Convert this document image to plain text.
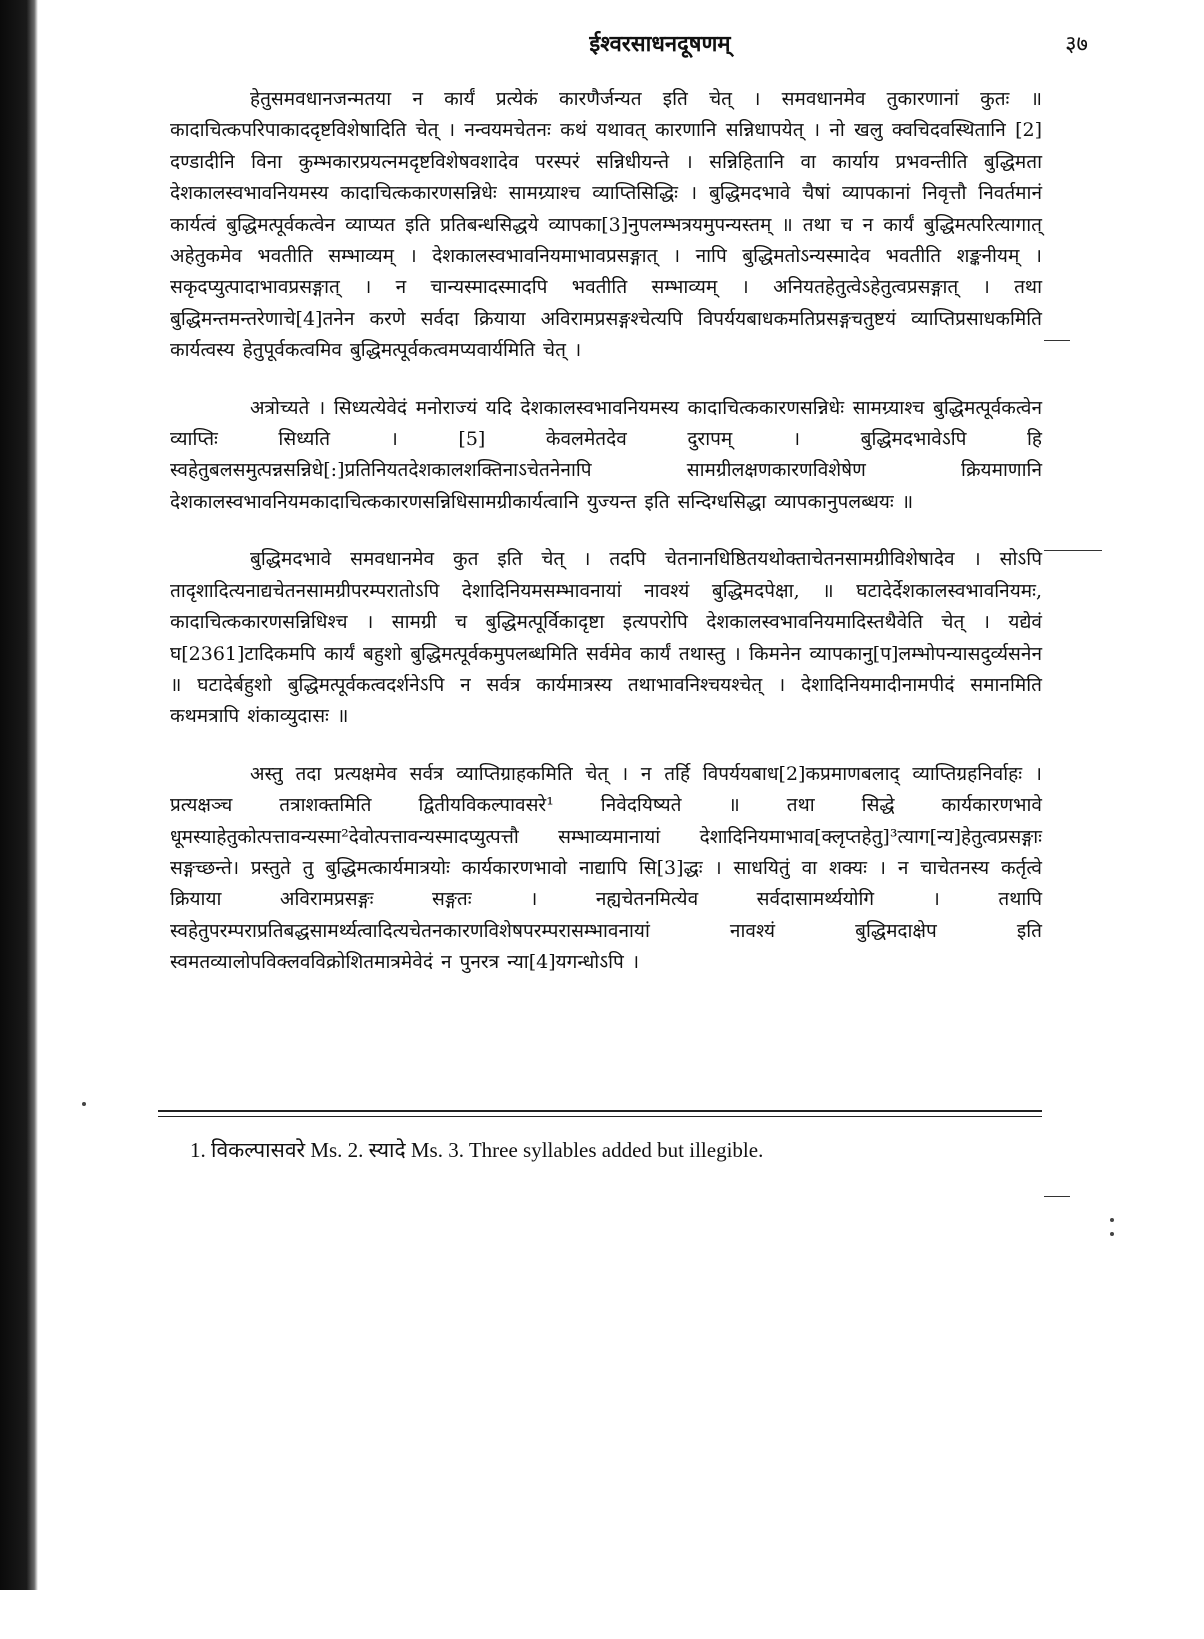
ईश्वरसाधनदूषणम्	३७

हेतुसमवधानजन्मतया न कार्यं प्रत्येकं कारणैर्जन्यत इति चेत् । समवधानमेव तुकारणानां कुतः ॥ कादाचित्कपरिपाकाददृष्टविशेषादिति चेत् । नन्वयमचेतनः कथं यथावत् कारणानि सन्निधापयेत् । नो खलु क्वचिदवस्थितानि [2] दण्डादीनि विना कुम्भकारप्रयत्नमदृष्टविशेषवशादेव परस्परं सन्निधीयन्ते । सन्निहितानि वा कार्याय प्रभवन्तीति बुद्धिमता देशकालस्वभावनियमस्य कादाचित्ककारणसन्निधेः सामग्र्याश्च व्याप्तिसिद्धिः । बुद्धिमदभावे चैषां व्यापकानां निवृत्तौ निवर्तमानं कार्यत्वं बुद्धिमत्पूर्वकत्वेन व्याप्यत इति प्रतिबन्धसिद्धये व्यापका[3]नुपलम्भत्रयमुपन्यस्तम् ॥ तथा च न कार्यं बुद्धिमत्परित्यागात् अहेतुकमेव भवतीति सम्भाव्यम् । देशकालस्वभावनियमाभावप्रसङ्गात् । नापि बुद्धिमतोऽन्यस्मादेव भवतीति शङ्कनीयम् । सकृदप्युत्पादाभावप्रसङ्गात् । न चान्यस्मादस्मादपि भवतीति सम्भाव्यम् । अनियतहेतुत्वेऽहेतुत्वप्रसङ्गात् । तथा बुद्धिमन्तमन्तरेणाचे[4]तनेन करणे सर्वदा क्रियाया अविरामप्रसङ्गश्चेत्यपि विपर्ययबाधकमतिप्रसङ्गचतुष्टयं व्याप्तिप्रसाधकमिति कार्यत्वस्य हेतुपूर्वकत्वमिव बुद्धिमत्पूर्वकत्वमप्यवार्यमिति चेत् ।

अत्रोच्यते । सिध्यत्येवेदं मनोराज्यं यदि देशकालस्वभावनियमस्य कादाचित्ककारणसन्निधेः सामग्र्याश्च बुद्धिमत्पूर्वकत्वेन व्याप्तिः सिध्यति । [5] केवलमेतदेव दुरापम् । बुद्धिमदभावेऽपि हि स्वहेतुबलसमुत्पन्नसन्निधे[:]प्रतिनियतदेशकालशक्तिनाऽचेतनेनापि सामग्रीलक्षणकारणविशेषेण क्रियमाणानि देशकालस्वभावनियमकादाचित्ककारणसन्निधिसामग्रीकार्यत्वानि युज्यन्त इति सन्दिग्धसिद्धा व्यापकानुपलब्धयः ॥

बुद्धिमदभावे समवधानमेव कुत इति चेत् । तदपि चेतनानधिष्ठितयथोक्ताचेतनसामग्रीविशेषादेव । सोऽपि तादृशादित्यनाद्यचेतनसामग्रीपरम्परातोऽपि देशादिनियमसम्भावनायां नावश्यं बुद्धिमदपेक्षा, ॥ घटादेर्देशकालस्वभावनियमः, कादाचित्ककारणसन्निधिश्च । सामग्री च बुद्धिमत्पूर्विकादृष्टा इत्यपरोपि देशकालस्वभावनियमादिस्तथैवेति चेत् । यद्येवं घ[2361]टादिकमपि कार्यं बहुशो बुद्धिमत्पूर्वकमुपलब्धमिति सर्वमेव कार्यं तथास्तु । किमनेन व्यापकानु[प]लम्भोपन्यासदुर्व्यसनेन ॥ घटादेर्बहुशो बुद्धिमत्पूर्वकत्वदर्शनेऽपि न सर्वत्र कार्यमात्रस्य तथाभावनिश्चयश्चेत् । देशादिनियमादीनामपीदं समानमिति कथमत्रापि शंकाव्युदासः ॥

अस्तु तदा प्रत्यक्षमेव सर्वत्र व्याप्तिग्राहकमिति चेत् । न तर्हि विपर्ययबाध[2]कप्रमाणबलाद् व्याप्तिग्रहनिर्वाहः । प्रत्यक्षञ्च तत्राशक्तमिति द्वितीयविकल्पावसरे¹ निवेदयिष्यते ॥ तथा सिद्धे कार्यकारणभावे धूमस्याहेतुकोत्पत्तावन्यस्मा²देवोत्पत्तावन्यस्मादप्युत्पत्तौ सम्भाव्यमानायां देशादिनियमाभाव[क्लृप्तहेतु]³त्याग[न्य]हेतुत्वप्रसङ्गाः सङ्गच्छन्ते। प्रस्तुते तु बुद्धिमत्कार्यमात्रयोः कार्यकारणभावो नाद्यापि सि[3]द्धः । साधयितुं वा शक्यः । न चाचेतनस्य कर्तृत्वे क्रियाया अविरामप्रसङ्गः सङ्गतः । नह्यचेतनमित्येव सर्वदासामर्थ्ययोगि । तथापि स्वहेतुपरम्पराप्रतिबद्धसामर्थ्यत्वादित्यचेतनकारणविशेषपरम्परासम्भावनायां नावश्यं बुद्धिमदाक्षेप इति स्वमतव्यालोपविक्लवविक्रोशितमात्रमेवेदं न पुनरत्र न्या[4]यगन्धोऽपि ।

1. विकल्पासवरे Ms. 2. स्यादे Ms. 3. Three syllables added but illegible.
